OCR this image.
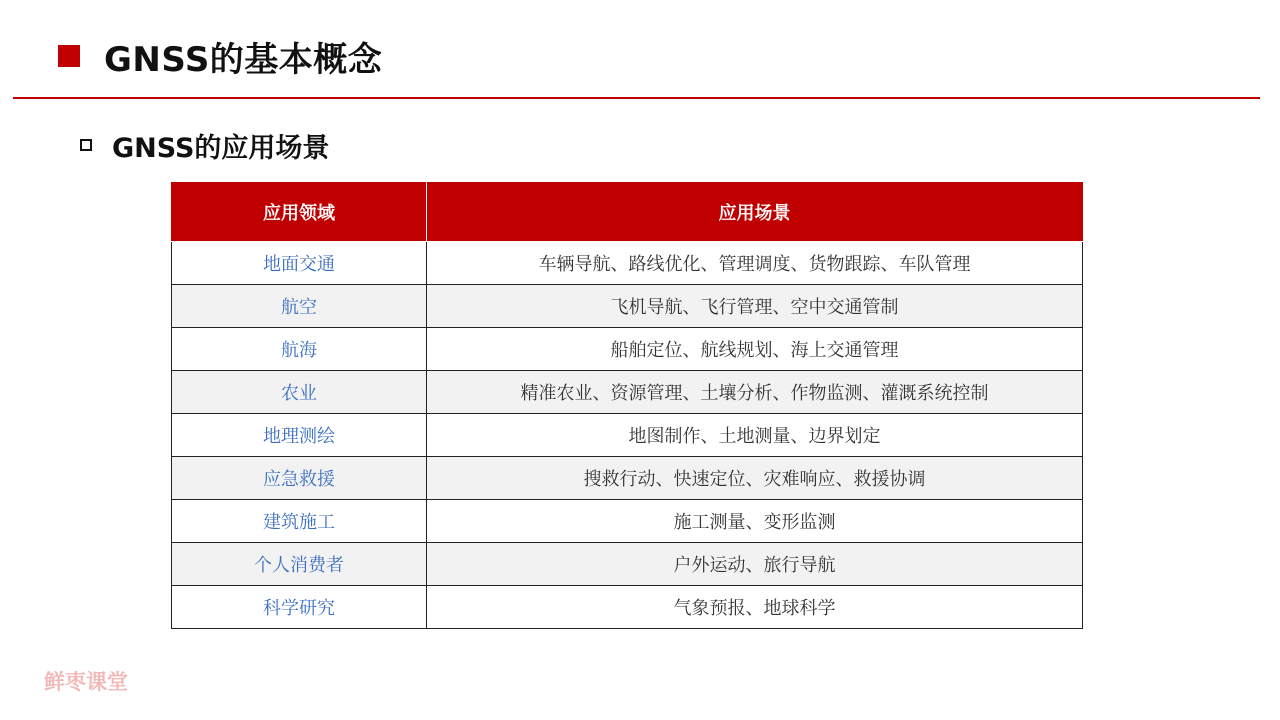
GNSS的基本概念
GNSS的应用场景
应用领域	应用场景
地面交通	车辆导航、路线优化、管理调度、货物跟踪、车队管理
航空	飞机导航、飞行管理、空中交通管制
航海	船舶定位、航线规划、海上交通管理
农业	精准农业、资源管理、土壤分析、作物监测、灌溉系统控制
地理测绘	地图制作、土地测量、边界划定
应急救援	搜救行动、快速定位、灾难响应、救援协调
建筑施工	施工测量、变形监测
个人消费者	户外运动、旅行导航
科学研究	气象预报、地球科学
鲜枣课堂
